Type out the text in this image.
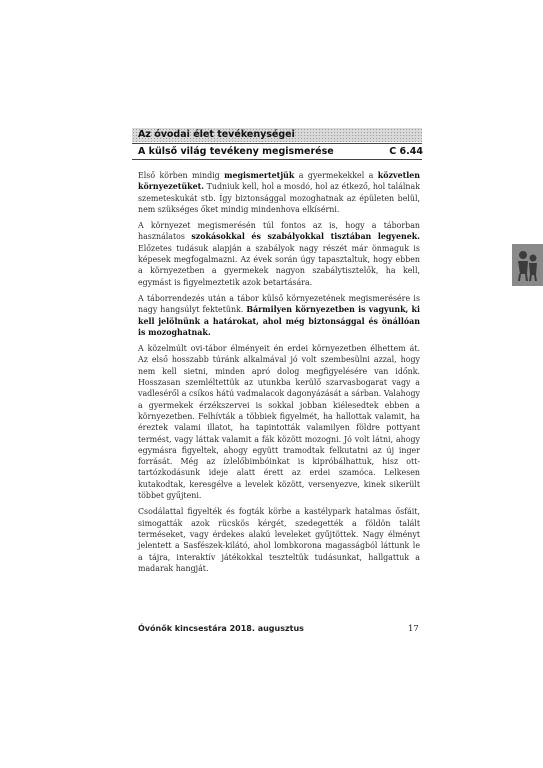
Az óvodai élet tevékenységei
A külső világ tevékeny megismerése	C 6.44

Első körben mindig megismertetjük a gyermekekkel a közvetlen környezetüket. Tudniuk kell, hol a mosdó, hol az étkező, hol találnak szemeteskukát stb. Így biztonsággal mozoghatnak az épületen belül, nem szükséges őket mindig mindenhova elkísérni.

A környezet megismerésén túl fontos az is, hogy a táborban használatos szokásokkal és szabályokkal tisztában legyenek. Előzetes tudásuk alapján a szabályok nagy részét már önmaguk is képesek megfogalmazni. Az évek során úgy tapasztaltuk, hogy ebben a környezetben a gyermekek nagyon szabálytisztelők, ha kell, egymást is figyelmeztetik azok betartására.

A táborrendezés után a tábor külső környezetének megismerésére is nagy hangsúlyt fektetünk. Bármilyen környezetben is vagyunk, ki kell jelölnünk a határokat, ahol még biztonsággal és önállóan is mozoghatnak.

A közelmúlt ovi-tábor élményeit én erdei környezetben élhettem át. Az első hosszabb túránk alkalmával jó volt szembesülni azzal, hogy nem kell sietni, minden apró dolog megfigyelésére van időnk. Hosszasan szemléltettük az utunkba kerülő szarvasbogarat vagy a vadleséről a csíkos hátú vadmalacok dagonyázását a sárban. Valahogy a gyermekek érzékszervei is sokkal jobban kiélesedtek ebben a környezetben. Felhívták a többiek figyelmét, ha hallottak valamit, ha éreztek valami illatot, ha tapintották valamilyen földre pottyant termést, vagy láttak valamit a fák között mozogni. Jó volt látni, ahogy egymásra figyeltek, ahogy együtt tramodtak felkutatni az új inger forrását. Még az ízlelőbimbóinkat is kipróbálhattuk, hisz ott-tartózkodásunk ideje alatt érett az erdei szamóca. Lelkesen kutakodtak, keresgélve a levelek között, versenyezve, kinek sikerült többet gyűjteni.

Csodálattal figyelték és fogták körbe a kastélypark hatalmas ősfáit, simogatták azok rücskös kérgét, szedegették a földön talált terméseket, vagy érdekes alakú leveleket gyűjtöttek. Nagy élményt jelentett a Sasfészek-kilátó, ahol lombkorona magasságból láttunk le a tájra, interaktív játékokkal teszteltük tudásunkat, hallgattuk a madarak hangját.

Óvónők kincsestára 2018. augusztus	17
